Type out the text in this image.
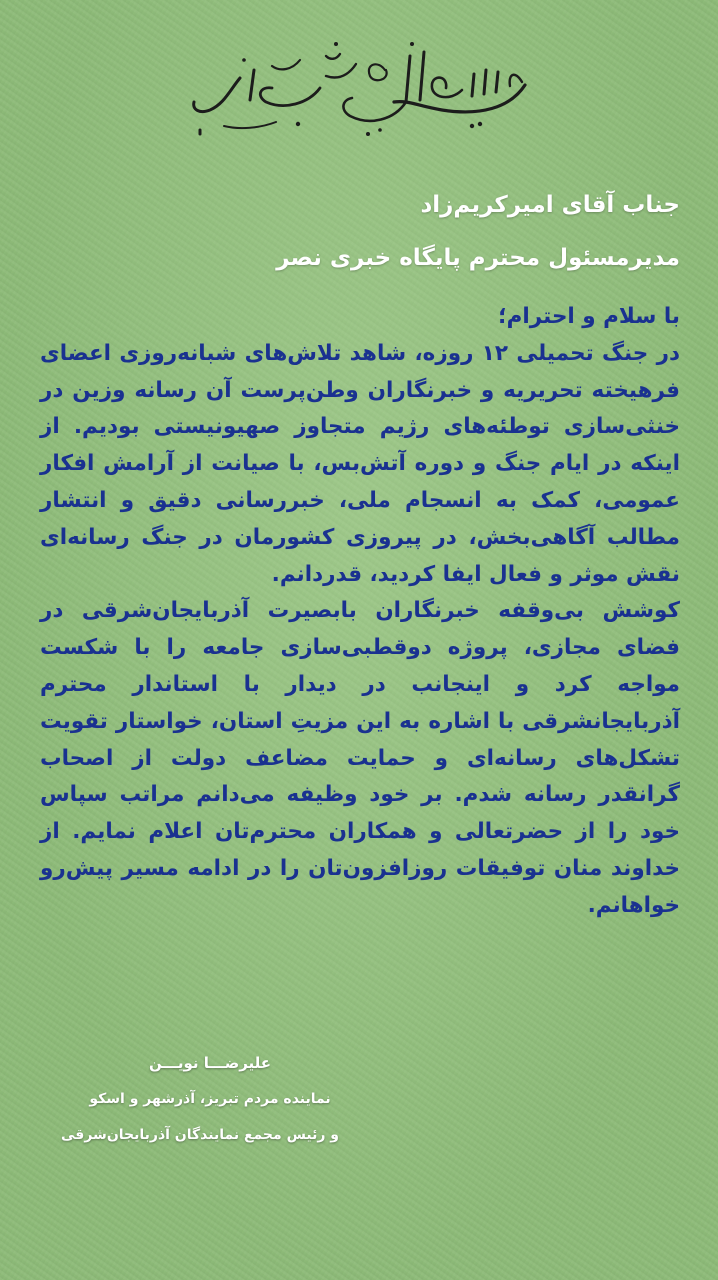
جناب آقای امیرکریم‌زاد
مدیرمسئول محترم پایگاه خبری نصر

با سلام و احترام؛

در جنگ تحمیلی ۱۲ روزه، شاهد تلاش‌های شبانه‌روزی اعضای فرهیخته تحریریه و خبرنگاران وطن‌پرست آن رسانه وزین در خنثی‌سازی توطئه‌های رژیم متجاوز صهیونیستی بودیم. از اینکه در ایام جنگ و دوره آتش‌بس، با صیانت از آرامش افکار عمومی، کمک به انسجام ملی، خبررسانی دقیق و انتشار مطالب آگاهی‌بخش، در پیروزی کشورمان در جنگ رسانه‌ای نقش موثر و فعال ایفا کردید، قدردانم.

کوشش بی‌وقفه خبرنگاران بابصیرت آذربایجان‌شرقی در فضای مجازی، پروژه دوقطبی‌سازی جامعه را با شکست مواجه کرد و اینجانب در دیدار با استاندار محترم آذربایجانشرقی با اشاره به این مزیتِ استان، خواستار تقویت تشکل‌های رسانه‌ای و حمایت مضاعف دولت از اصحاب گرانقدر رسانه شدم. بر خود وظیفه می‌دانم مراتب سپاس خود را از حضرتعالی و همکاران محترم‌تان اعلام نمایم. از خداوند منان توفیقات روزافزون‌تان را در ادامه مسیر پیش‌رو خواهانم.

علیرضـــا نویـــن
نماینده مردم تبریز، آذرشهر و اسکو
و رئیس مجمع نمایندگان آذربایجان‌شرقی
